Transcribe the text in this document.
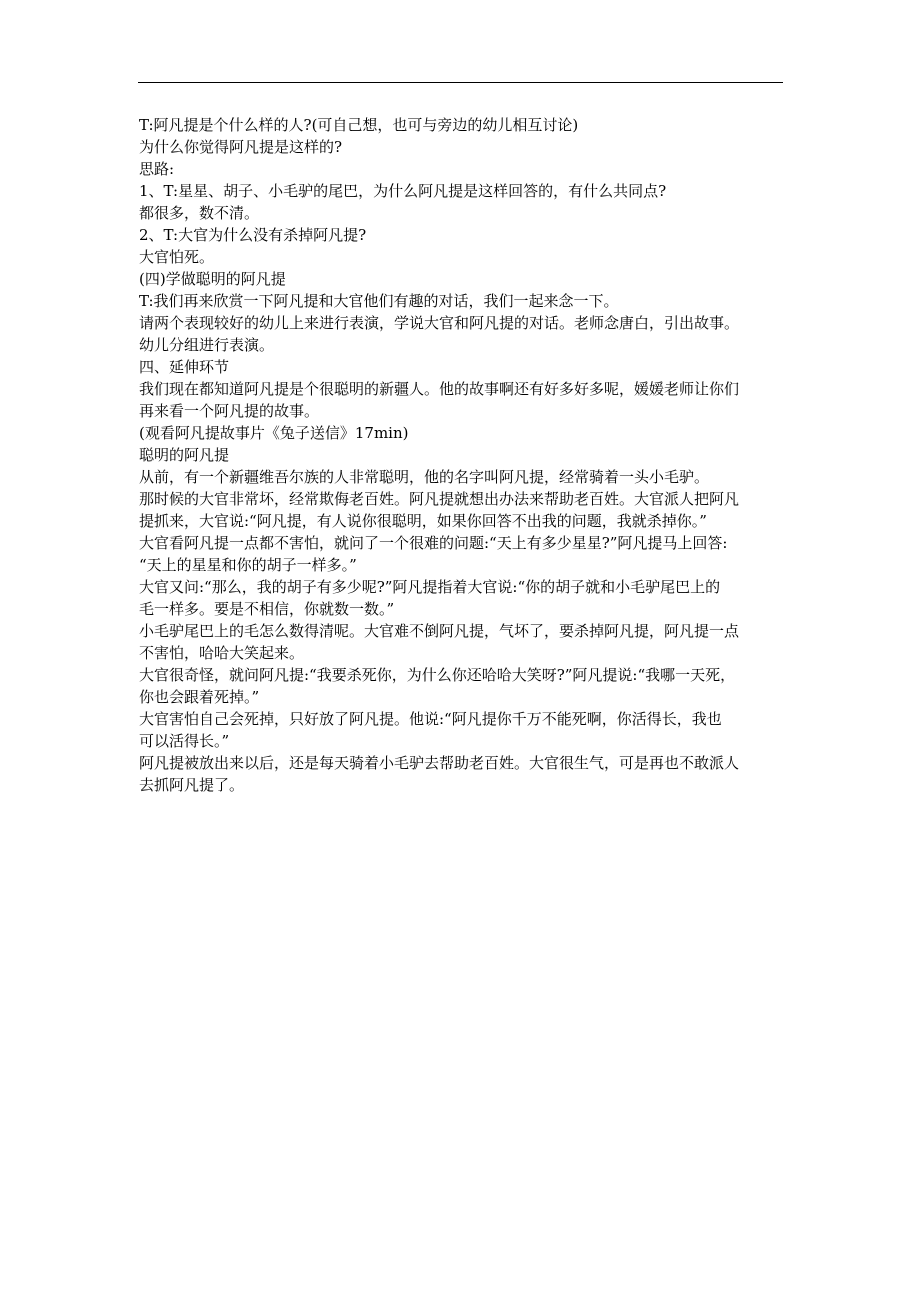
T:阿凡提是个什么样的人?(可自己想，也可与旁边的幼儿相互讨论)
为什么你觉得阿凡提是这样的?
思路:
1、T:星星、胡子、小毛驴的尾巴，为什么阿凡提是这样回答的，有什么共同点?
都很多，数不清。
2、T:大官为什么没有杀掉阿凡提?
大官怕死。
(四)学做聪明的阿凡提
T:我们再来欣赏一下阿凡提和大官他们有趣的对话，我们一起来念一下。
请两个表现较好的幼儿上来进行表演，学说大官和阿凡提的对话。老师念唐白，引出故事。
幼儿分组进行表演。
四、延伸环节
我们现在都知道阿凡提是个很聪明的新疆人。他的故事啊还有好多好多呢，媛媛老师让你们
再来看一个阿凡提的故事。
(观看阿凡提故事片《兔子送信》17min)
聪明的阿凡提
从前，有一个新疆维吾尔族的人非常聪明，他的名字叫阿凡提，经常骑着一头小毛驴。
那时候的大官非常坏，经常欺侮老百姓。阿凡提就想出办法来帮助老百姓。大官派人把阿凡
提抓来，大官说:“阿凡提，有人说你很聪明，如果你回答不出我的问题，我就杀掉你。”
大官看阿凡提一点都不害怕，就问了一个很难的问题:“天上有多少星星?”阿凡提马上回答:
“天上的星星和你的胡子一样多。”
大官又问:“那么，我的胡子有多少呢?”阿凡提指着大官说:“你的胡子就和小毛驴尾巴上的
毛一样多。要是不相信，你就数一数。”
小毛驴尾巴上的毛怎么数得清呢。大官难不倒阿凡提，气坏了，要杀掉阿凡提，阿凡提一点
不害怕，哈哈大笑起来。
大官很奇怪，就问阿凡提:“我要杀死你，为什么你还哈哈大笑呀?”阿凡提说:“我哪一天死，
你也会跟着死掉。”
大官害怕自己会死掉，只好放了阿凡提。他说:“阿凡提你千万不能死啊，你活得长，我也
可以活得长。”
阿凡提被放出来以后，还是每天骑着小毛驴去帮助老百姓。大官很生气，可是再也不敢派人
去抓阿凡提了。
